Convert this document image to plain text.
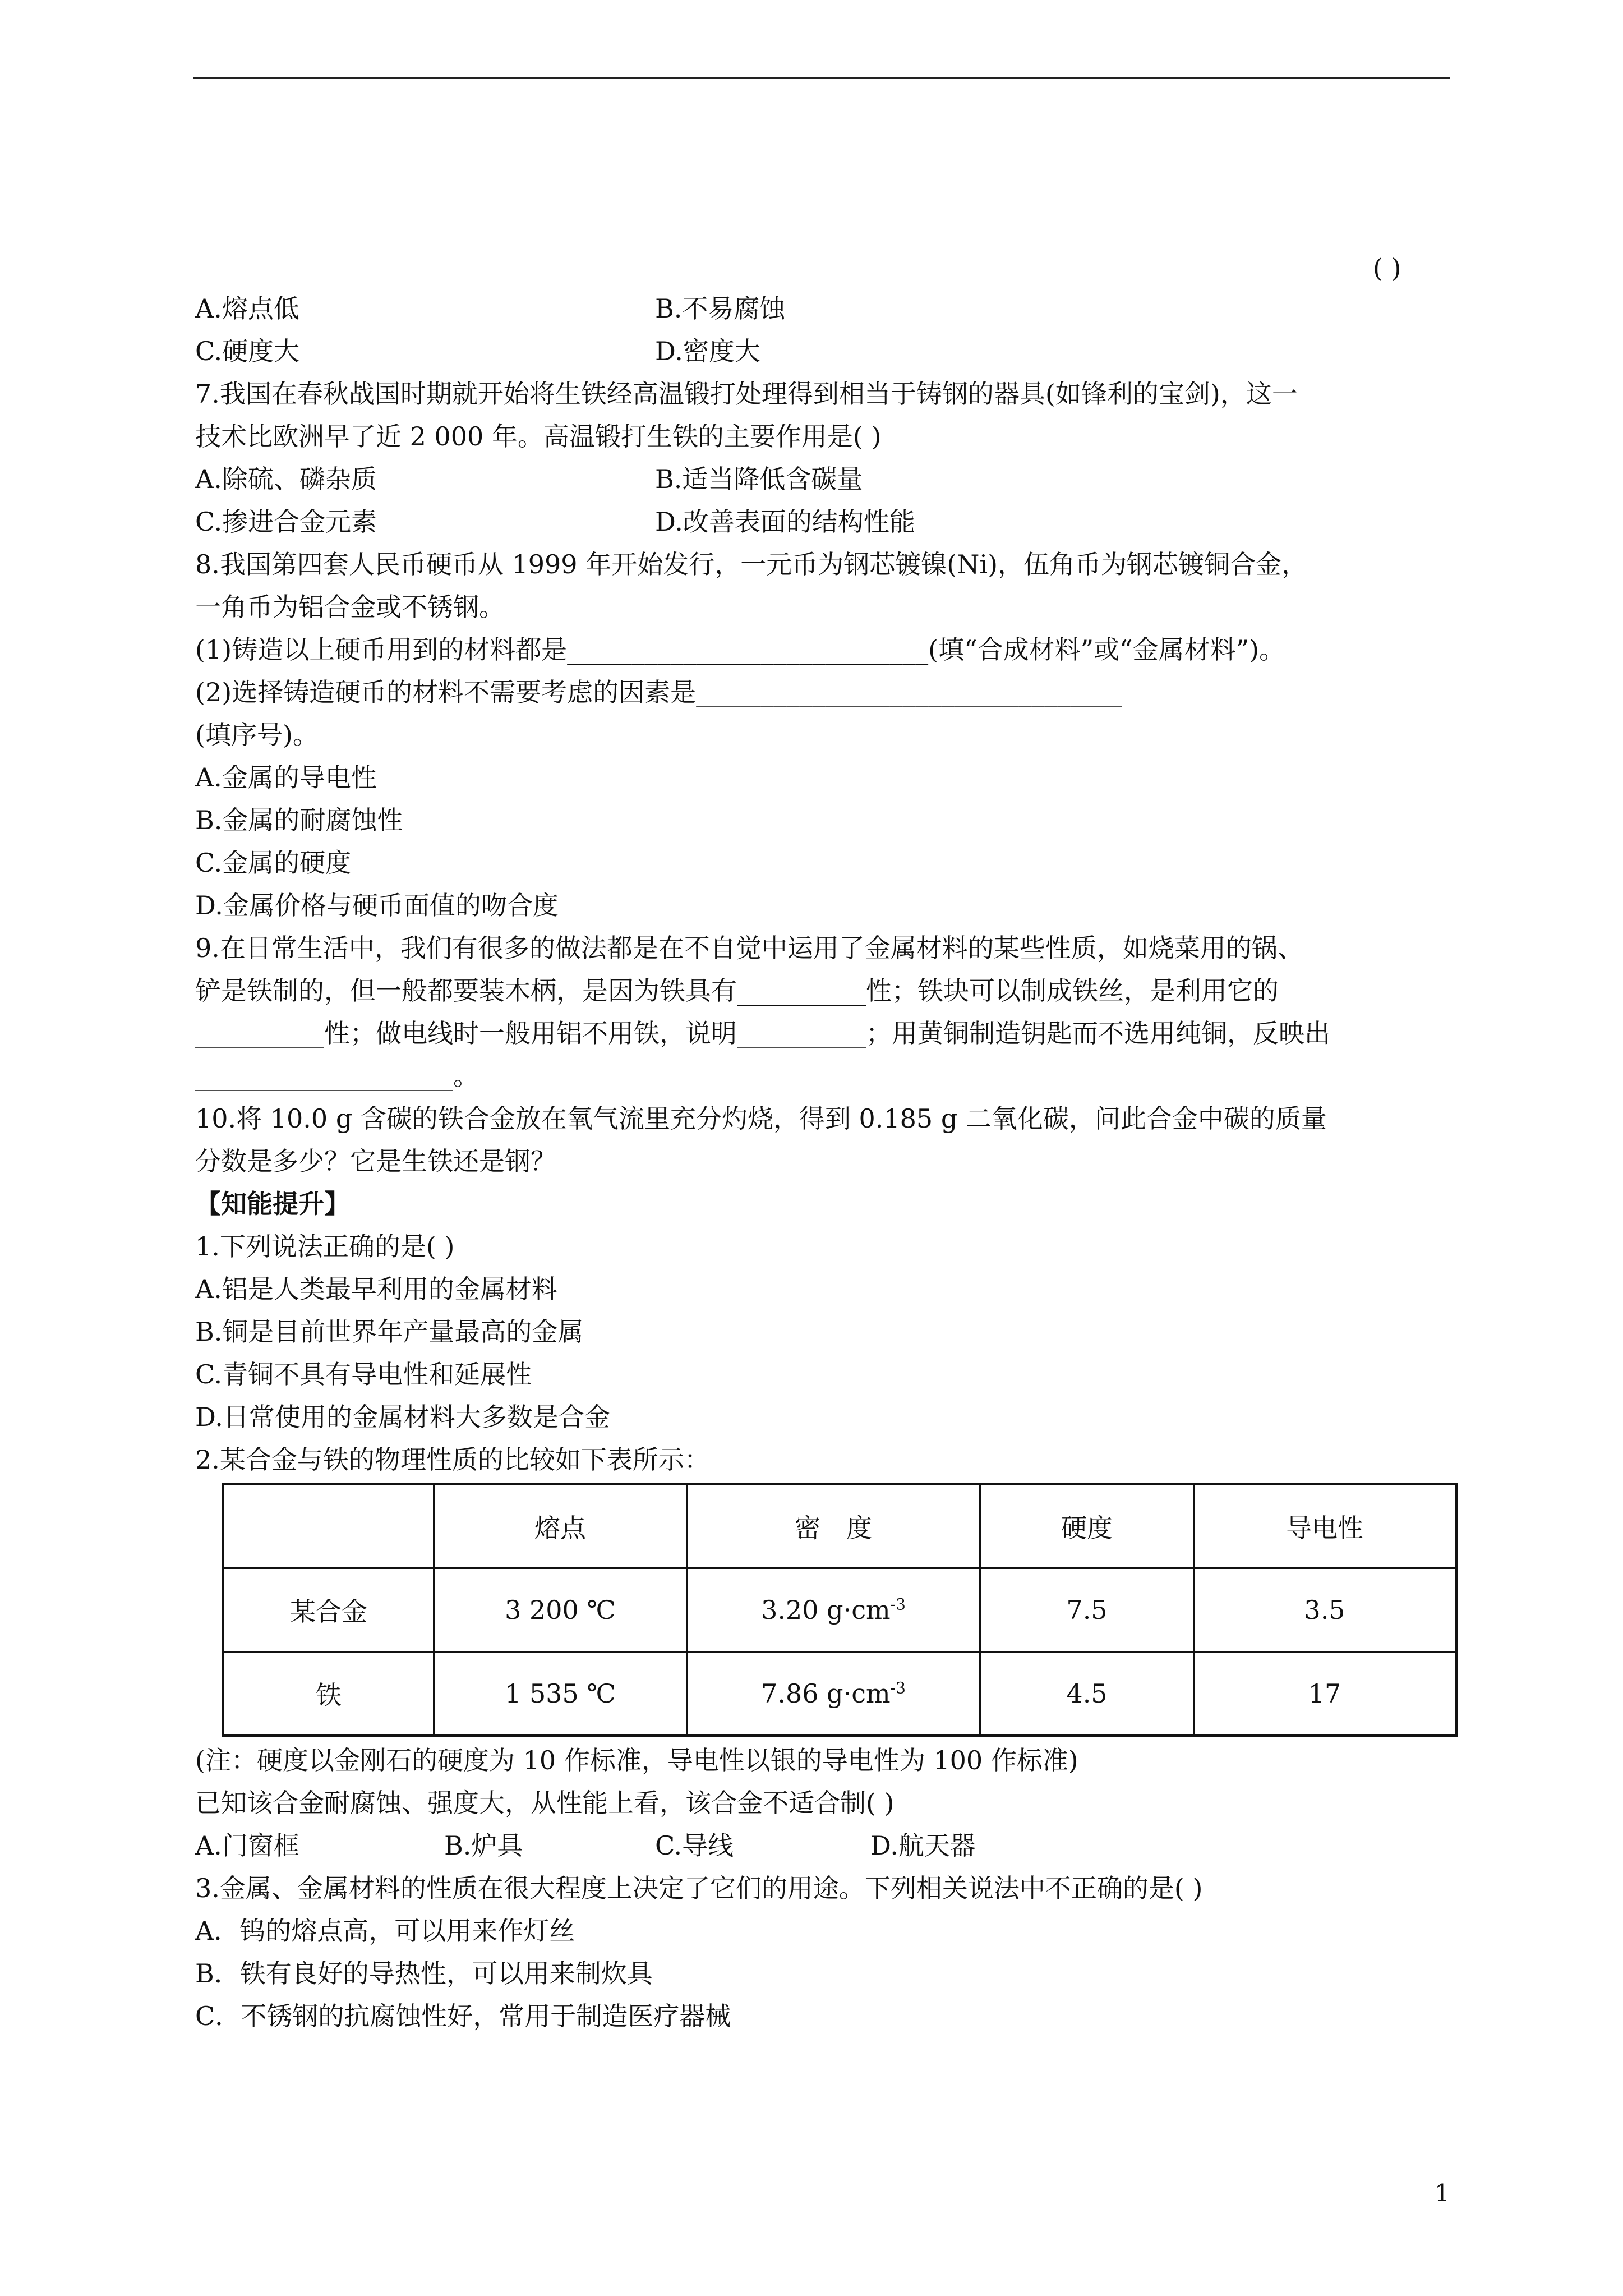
( )
A.熔点低	B.不易腐蚀
C.硬度大	D.密度大
7.我国在春秋战国时期就开始将生铁经高温锻打处理得到相当于铸钢的器具(如锋利的宝剑)，这一
技术比欧洲早了近 2 000 年。高温锻打生铁的主要作用是( )
A.除硫、磷杂质	B.适当降低含碳量
C.掺进合金元素	D.改善表面的结构性能
8.我国第四套人民币硬币从 1999 年开始发行，一元币为钢芯镀镍(Ni)，伍角币为钢芯镀铜合金，
一角币为铝合金或不锈钢。
(1)铸造以上硬币用到的材料都是____________________________(填“合成材料”或“金属材料”)。
(2)选择铸造硬币的材料不需要考虑的因素是_________________________________
(填序号)。
A.金属的导电性
B.金属的耐腐蚀性
C.金属的硬度
D.金属价格与硬币面值的吻合度
9.在日常生活中，我们有很多的做法都是在不自觉中运用了金属材料的某些性质，如烧菜用的锅、
铲是铁制的，但一般都要装木柄，是因为铁具有__________性；铁块可以制成铁丝，是利用它的
__________性；做电线时一般用铝不用铁，说明__________；用黄铜制造钥匙而不选用纯铜，反映出
____________________。
10.将 10.0 g 含碳的铁合金放在氧气流里充分灼烧，得到 0.185 g 二氧化碳，问此合金中碳的质量
分数是多少？它是生铁还是钢？
【知能提升】
1.下列说法正确的是( )
A.铝是人类最早利用的金属材料
B.铜是目前世界年产量最高的金属
C.青铜不具有导电性和延展性
D.日常使用的金属材料大多数是合金
2.某合金与铁的物理性质的比较如下表所示：
	熔点	密　度	硬度	导电性
某合金	3 200 ℃	3.20 $g\cdot cm^{-3}$	7.5	3.5
铁	1 535 ℃	7.86 $g\cdot cm^{-3}$	4.5	17
(注：硬度以金刚石的硬度为 10 作标准，导电性以银的导电性为 100 作标准)
已知该合金耐腐蚀、强度大，从性能上看，该合金不适合制( )
A.门窗框	B.炉具	C.导线	D.航天器
3.金属、金属材料的性质在很大程度上决定了它们的用途。下列相关说法中不正确的是( )
A．钨的熔点高，可以用来作灯丝
B．铁有良好的导热性，可以用来制炊具
C．不锈钢的抗腐蚀性好，常用于制造医疗器械
1
